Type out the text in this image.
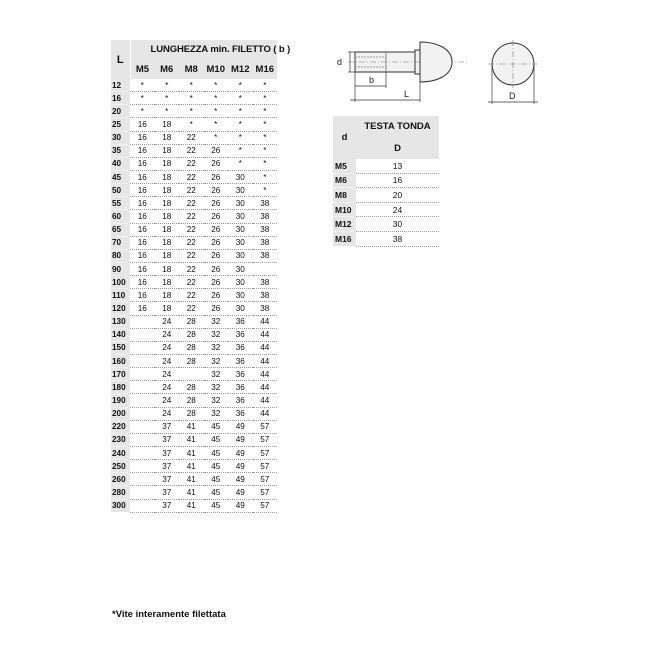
L	LUNGHEZZA min. FILETTO ( b )					
	M5	M6	M8	M10	M12	M16
12	*	*	*	*	*	*
16	*	*	*	*	*	*
20	*	*	*	*	*	*
25	16	18	*	*	*	*
30	16	18	22	*	*	*
35	16	18	22	26	*	*
40	16	18	22	26	*	*
45	16	18	22	26	30	*
50	16	18	22	26	30	*
55	16	18	22	26	30	38
60	16	18	22	26	30	38
65	16	18	22	26	30	38
70	16	18	22	26	30	38
80	16	18	22	26	30	38
90	16	18	22	26	30	
100	16	18	22	26	30	38
110	16	18	22	26	30	38
120	16	18	22	26	30	38
130		24	28	32	36	44
140		24	28	32	36	44
150		24	28	32	36	44
160		24	28	32	36	44
170		24		32	36	44
180		24	28	32	36	44
190		24	28	32	36	44
200		24	28	32	36	44
220		37	41	45	49	57
230		37	41	45	49	57
240		37	41	45	49	57
250		37	41	45	49	57
260		37	41	45	49	57
280		37	41	45	49	57
300		37	41	45	49	57
*Vite interamente filettata
d	TESTA TONDA
	D
M5	13
M6	16
M8	20
M10	24
M12	30
M16	38
d
b
L	D
